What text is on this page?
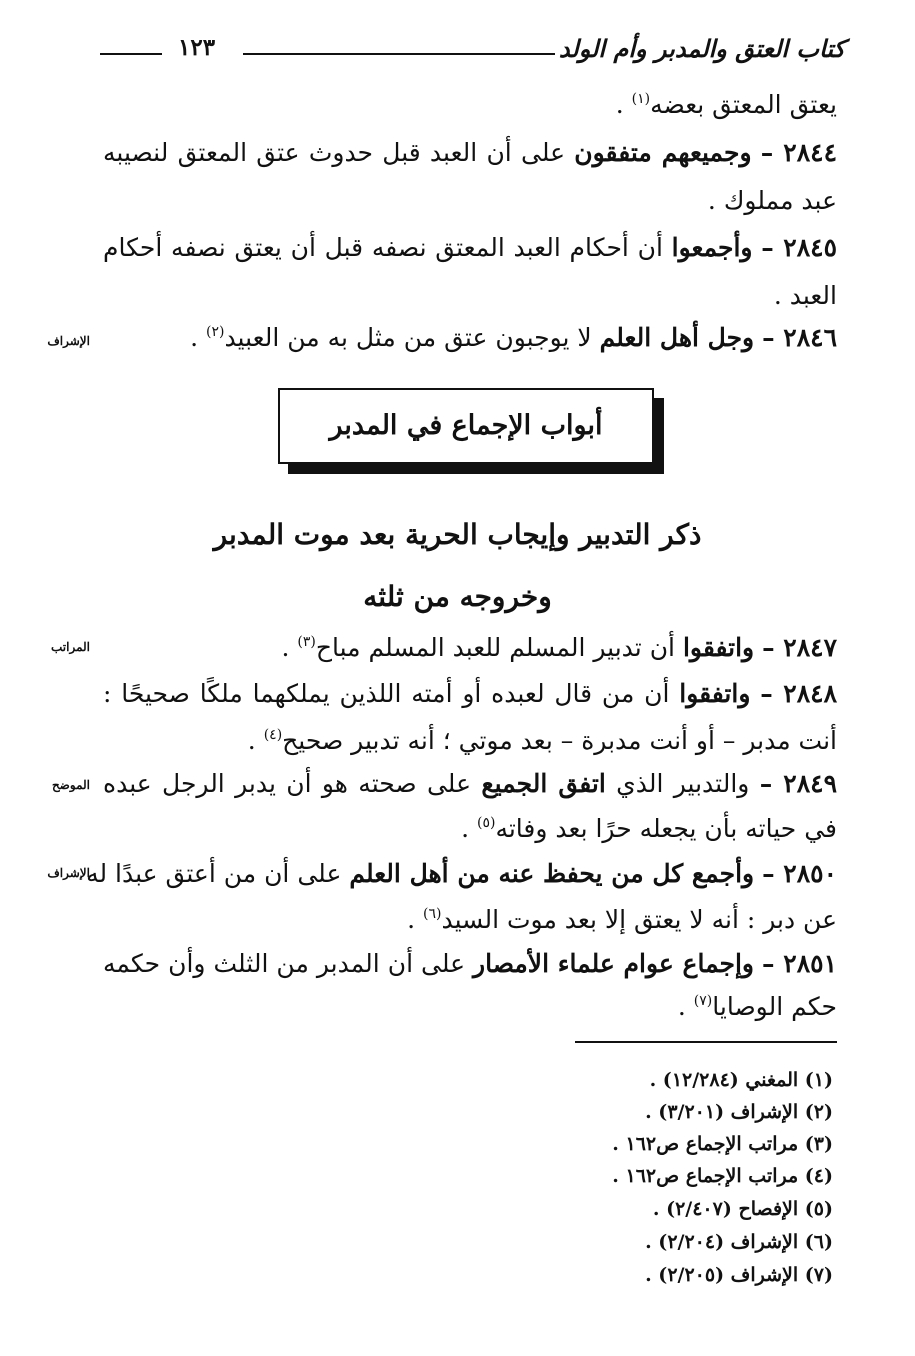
كتاب العتق والمدبر وأم الولد
١٢٣
يعتق المعتق بعضه$^{(١)}$ .
٢٨٤٤ – وجميعهم متفقون على أن العبد قبل حدوث عتق المعتق لنصيبه
عبد مملوك .
٢٨٤٥ – وأجمعوا أن أحكام العبد المعتق نصفه قبل أن يعتق نصفه أحكام
العبد .
٢٨٤٦ – وجل أهل العلم لا يوجبون عتق من مثل به من العبيد$^{(٢)}$ .
الإشراف
أبواب الإجماع في المدبر
ذكر التدبير وإيجاب الحرية بعد موت المدبر
وخروجه من ثلثه
٢٨٤٧ – واتفقوا أن تدبير المسلم للعبد المسلم مباح$^{(٣)}$ .
المراتب
٢٨٤٨ – واتفقوا أن من قال لعبده أو أمته اللذين يملكهما ملكًا صحيحًا :
أنت مدبر – أو أنت مدبرة – بعد موتي ؛ أنه تدبير صحيح$^{(٤)}$ .
٢٨٤٩ – والتدبير الذي اتفق الجميع على صحته هو أن يدبر الرجل عبده
الموضح
في حياته بأن يجعله حرًا بعد وفاته$^{(٥)}$ .
٢٨٥٠ – وأجمع كل من يحفظ عنه من أهل العلم على أن من أعتق عبدًا له
الإشراف
عن دبر : أنه لا يعتق إلا بعد موت السيد$^{(٦)}$ .
٢٨٥١ – وإجماع عوام علماء الأمصار على أن المدبر من الثلث وأن حكمه
حكم الوصايا$^{(٧)}$ .
(١) المغني (١٢/٢٨٤) .
(٢) الإشراف (٣/٢٠١) .
(٣) مراتب الإجماع ص١٦٢ .
(٤) مراتب الإجماع ص١٦٢ .
(٥) الإفصاح (٢/٤٠٧) .
(٦) الإشراف (٢/٢٠٤) .
(٧) الإشراف (٢/٢٠٥) .
